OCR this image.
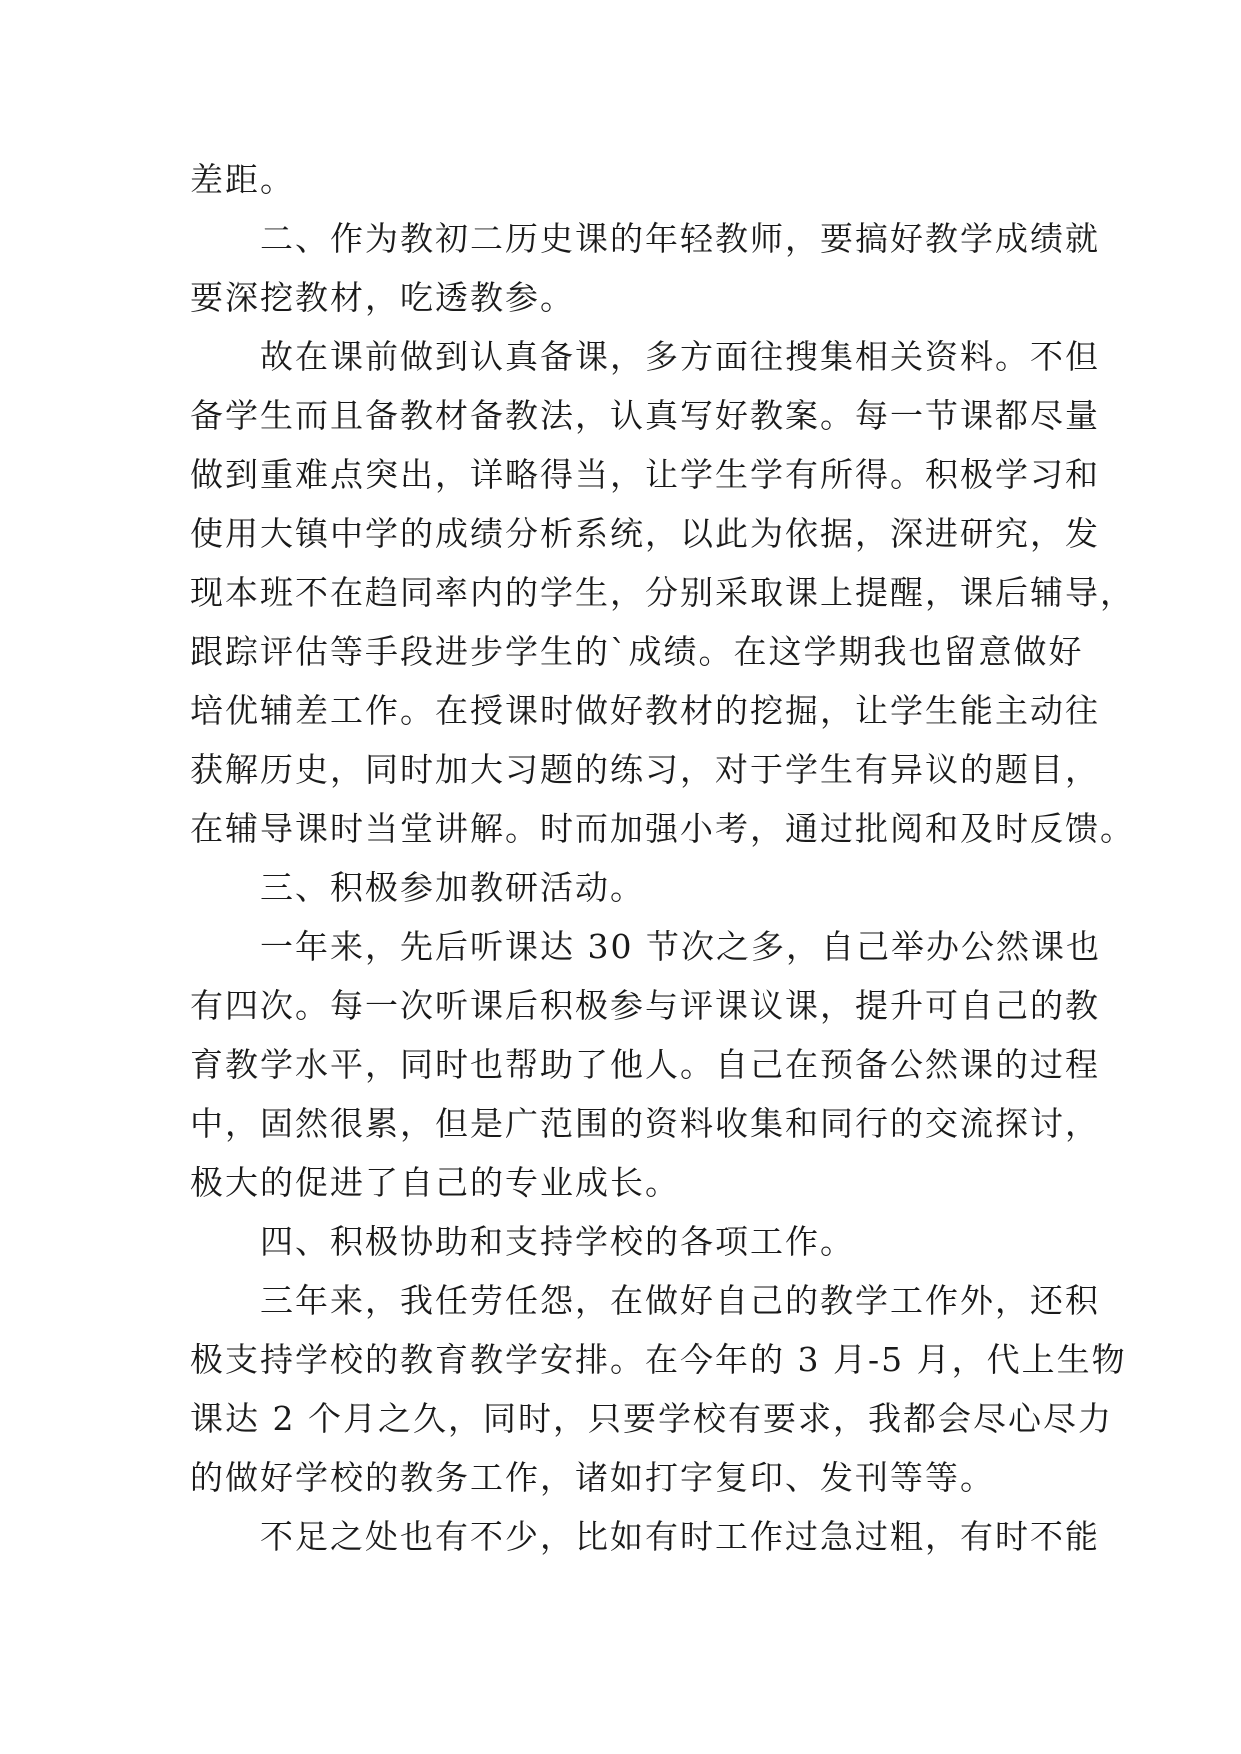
差距。

二、作为教初二历史课的年轻教师，要搞好教学成绩就
要深挖教材，吃透教参。

故在课前做到认真备课，多方面往搜集相关资料。不但
备学生而且备教材备教法，认真写好教案。每一节课都尽量
做到重难点突出，详略得当，让学生学有所得。积极学习和
使用大镇中学的成绩分析系统，以此为依据，深进研究，发
现本班不在趋同率内的学生，分别采取课上提醒，课后辅导，
跟踪评估等手段进步学生的`成绩。在这学期我也留意做好
培优辅差工作。在授课时做好教材的挖掘，让学生能主动往
获解历史，同时加大习题的练习，对于学生有异议的题目，
在辅导课时当堂讲解。时而加强小考，通过批阅和及时反馈。

三、积极参加教研活动。

一年来，先后听课达 30 节次之多，自己举办公然课也
有四次。每一次听课后积极参与评课议课，提升可自己的教
育教学水平，同时也帮助了他人。自己在预备公然课的过程
中，固然很累，但是广范围的资料收集和同行的交流探讨，
极大的促进了自己的专业成长。

四、积极协助和支持学校的各项工作。

三年来，我任劳任怨，在做好自己的教学工作外，还积
极支持学校的教育教学安排。在今年的 3 月-5 月，代上生物
课达 2 个月之久，同时，只要学校有要求，我都会尽心尽力
的做好学校的教务工作，诸如打字复印、发刊等等。

不足之处也有不少，比如有时工作过急过粗，有时不能
